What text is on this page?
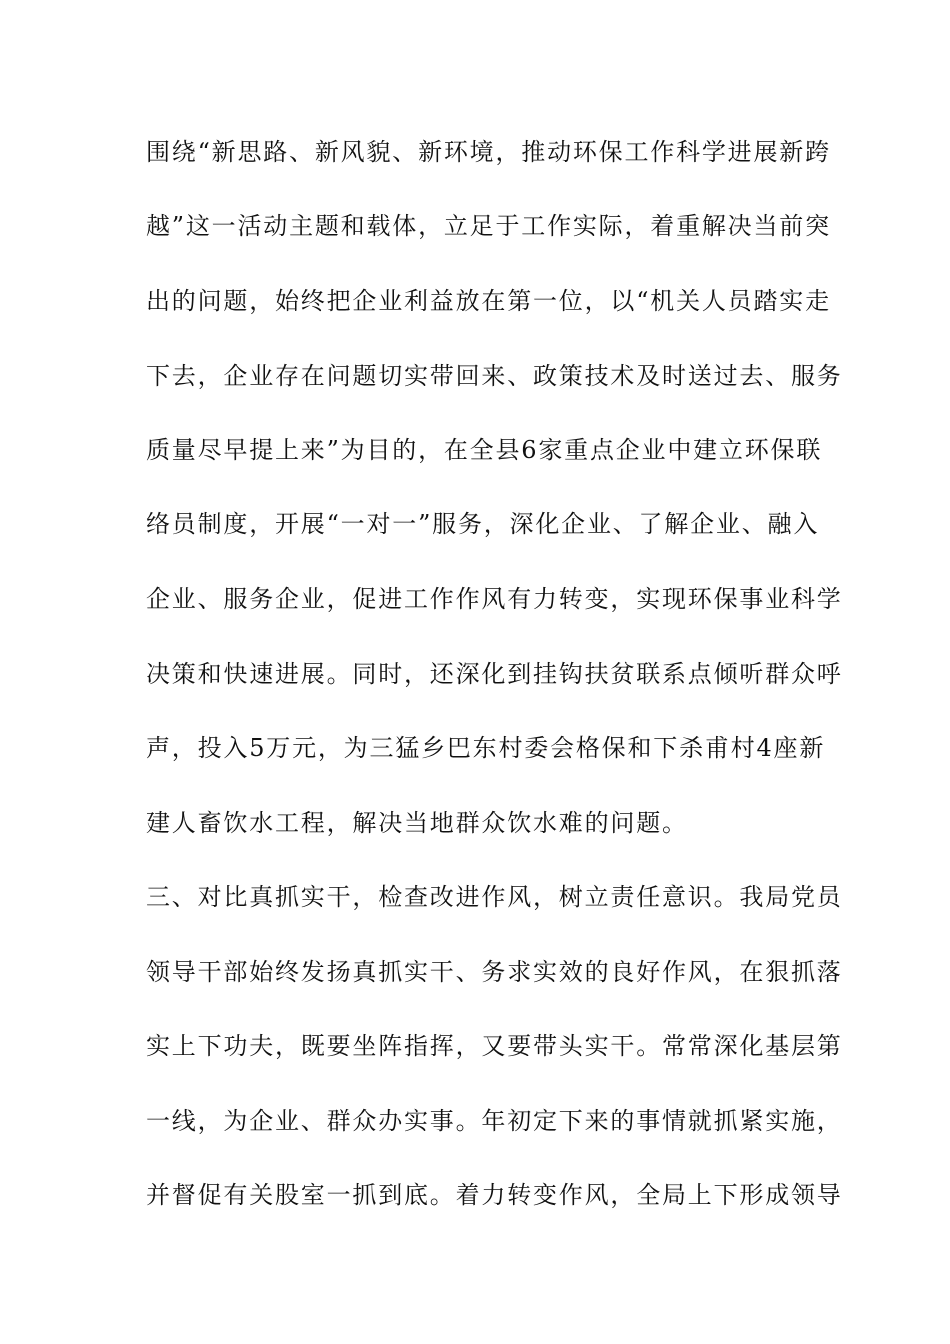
围绕“新思路、新风貌、新环境，推动环保工作科学进展新跨
越”这一活动主题和载体，立足于工作实际，着重解决当前突
出的问题，始终把企业利益放在第一位，以“机关人员踏实走
下去，企业存在问题切实带回来、政策技术及时送过去、服务
质量尽早提上来”为目的，在全县6家重点企业中建立环保联
络员制度，开展“一对一”服务，深化企业、了解企业、融入
企业、服务企业，促进工作作风有力转变，实现环保事业科学
决策和快速进展。同时，还深化到挂钩扶贫联系点倾听群众呼
声，投入5万元，为三猛乡巴东村委会格保和下杀甫村4座新
建人畜饮水工程，解决当地群众饮水难的问题。
三、对比真抓实干，检查改进作风，树立责任意识。我局党员
领导干部始终发扬真抓实干、务求实效的良好作风，在狠抓落
实上下功夫，既要坐阵指挥，又要带头实干。常常深化基层第
一线，为企业、群众办实事。年初定下来的事情就抓紧实施，
并督促有关股室一抓到底。着力转变作风，全局上下形成领导
